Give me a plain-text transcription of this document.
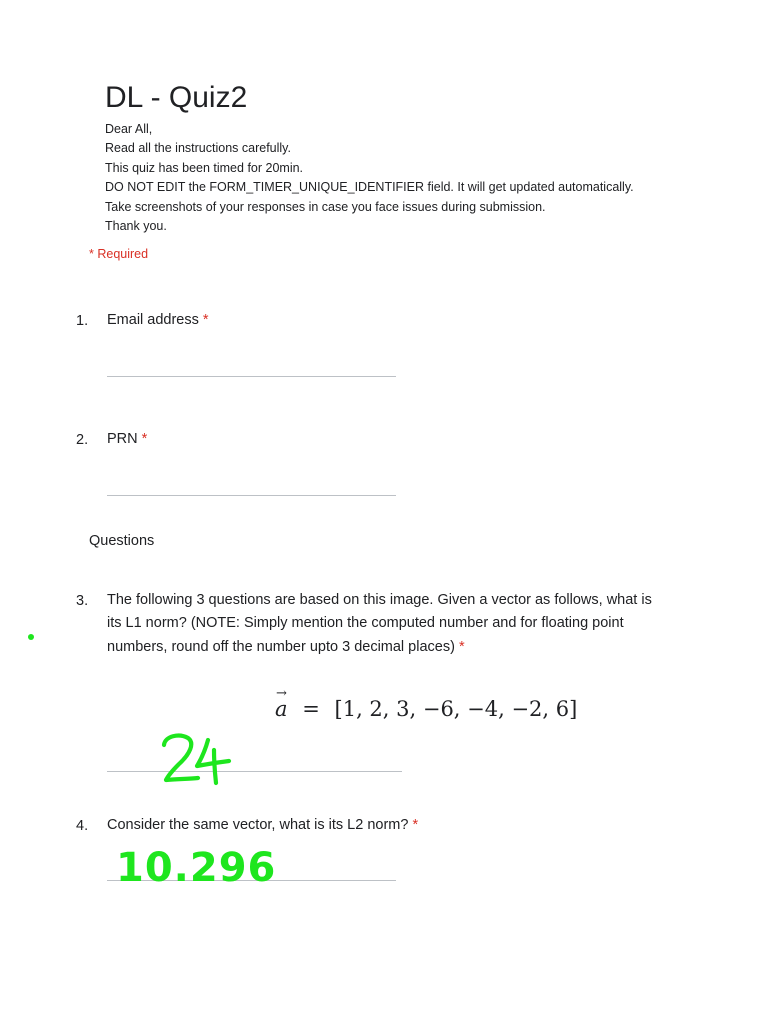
DL - Quiz2
Dear All,
Read all the instructions carefully.
This quiz has been timed for 20min.
DO NOT EDIT the FORM_TIMER_UNIQUE_IDENTIFIER field. It will get updated automatically.
Take screenshots of your responses in case you face issues during submission.
Thank you.
* Required
1. Email address *
2. PRN *
Questions
3. The following 3 questions are based on this image. Given a vector as follows, what is
its L1 norm? (NOTE: Simply mention the computed number and for floating point
numbers, round off the number upto 3 decimal places) *
→
a = [1, 2, 3, −6, −4, −2, 6]
4. Consider the same vector, what is its L2 norm? *
10.296
